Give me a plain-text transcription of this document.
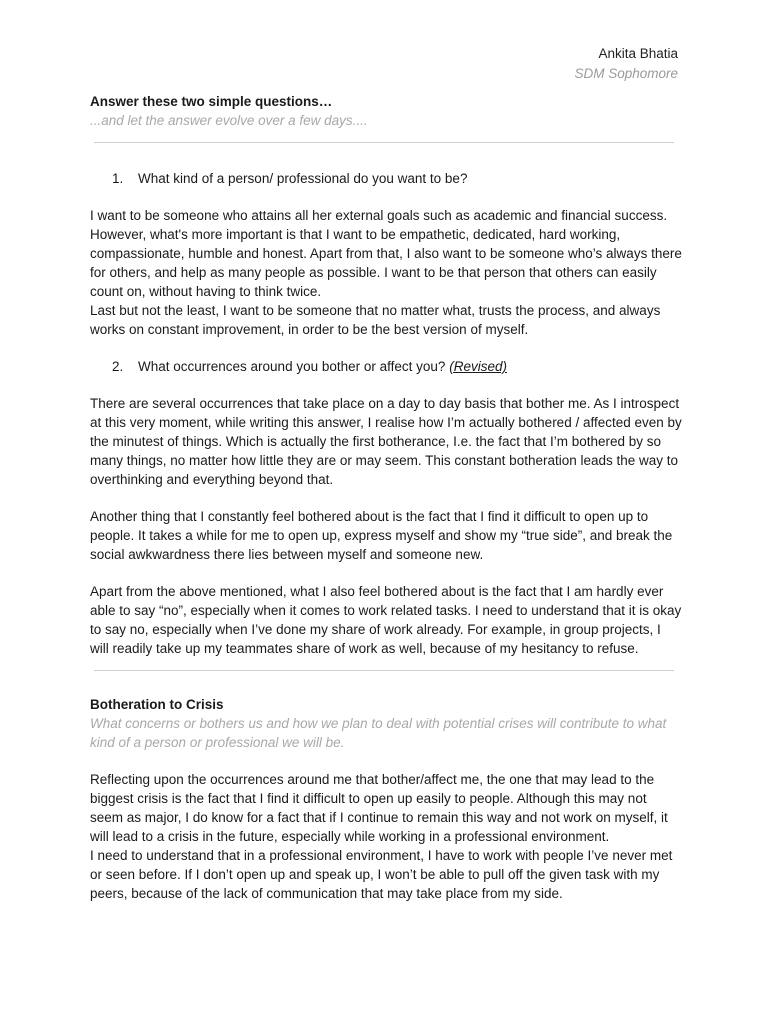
Ankita Bhatia
SDM Sophomore

Answer these two simple questions…

...and let the answer evolve over a few days....

1. What kind of a person/ professional do you want to be?

I want to be someone who attains all her external goals such as academic and financial success. However, what's more important is that I want to be empathetic, dedicated, hard working, compassionate, humble and honest. Apart from that, I also want to be someone who’s always there for others, and help as many people as possible. I want to be that person that others can easily count on, without having to think twice.

Last but not the least, I want to be someone that no matter what, trusts the process, and always works on constant improvement, in order to be the best version of myself.

2. What occurrences around you bother or affect you? (Revised)

There are several occurrences that take place on a day to day basis that bother me. As I introspect at this very moment, while writing this answer, I realise how I’m actually bothered / affected even by the minutest of things. Which is actually the first botherance, I.e. the fact that I’m bothered by so many things, no matter how little they are or may seem. This constant botheration leads the way to overthinking and everything beyond that.

Another thing that I constantly feel bothered about is the fact that I find it difficult to open up to people. It takes a while for me to open up, express myself and show my “true side”, and break the social awkwardness there lies between myself and someone new.

Apart from the above mentioned, what I also feel bothered about is the fact that I am hardly ever able to say “no”, especially when it comes to work related tasks. I need to understand that it is okay to say no, especially when I’ve done my share of work already. For example, in group projects, I will readily take up my teammates share of work as well, because of my hesitancy to refuse.

Botheration to Crisis

What concerns or bothers us and how we plan to deal with potential crises will contribute to what kind of a person or professional we will be.

Reflecting upon the occurrences around me that bother/affect me, the one that may lead to the biggest crisis is the fact that I find it difficult to open up easily to people. Although this may not seem as major, I do know for a fact that if I continue to remain this way and not work on myself, it will lead to a crisis in the future, especially while working in a professional environment.

I need to understand that in a professional environment, I have to work with people I’ve never met or seen before. If I don’t open up and speak up, I won’t be able to pull off the given task with my peers, because of the lack of communication that may take place from my side.
